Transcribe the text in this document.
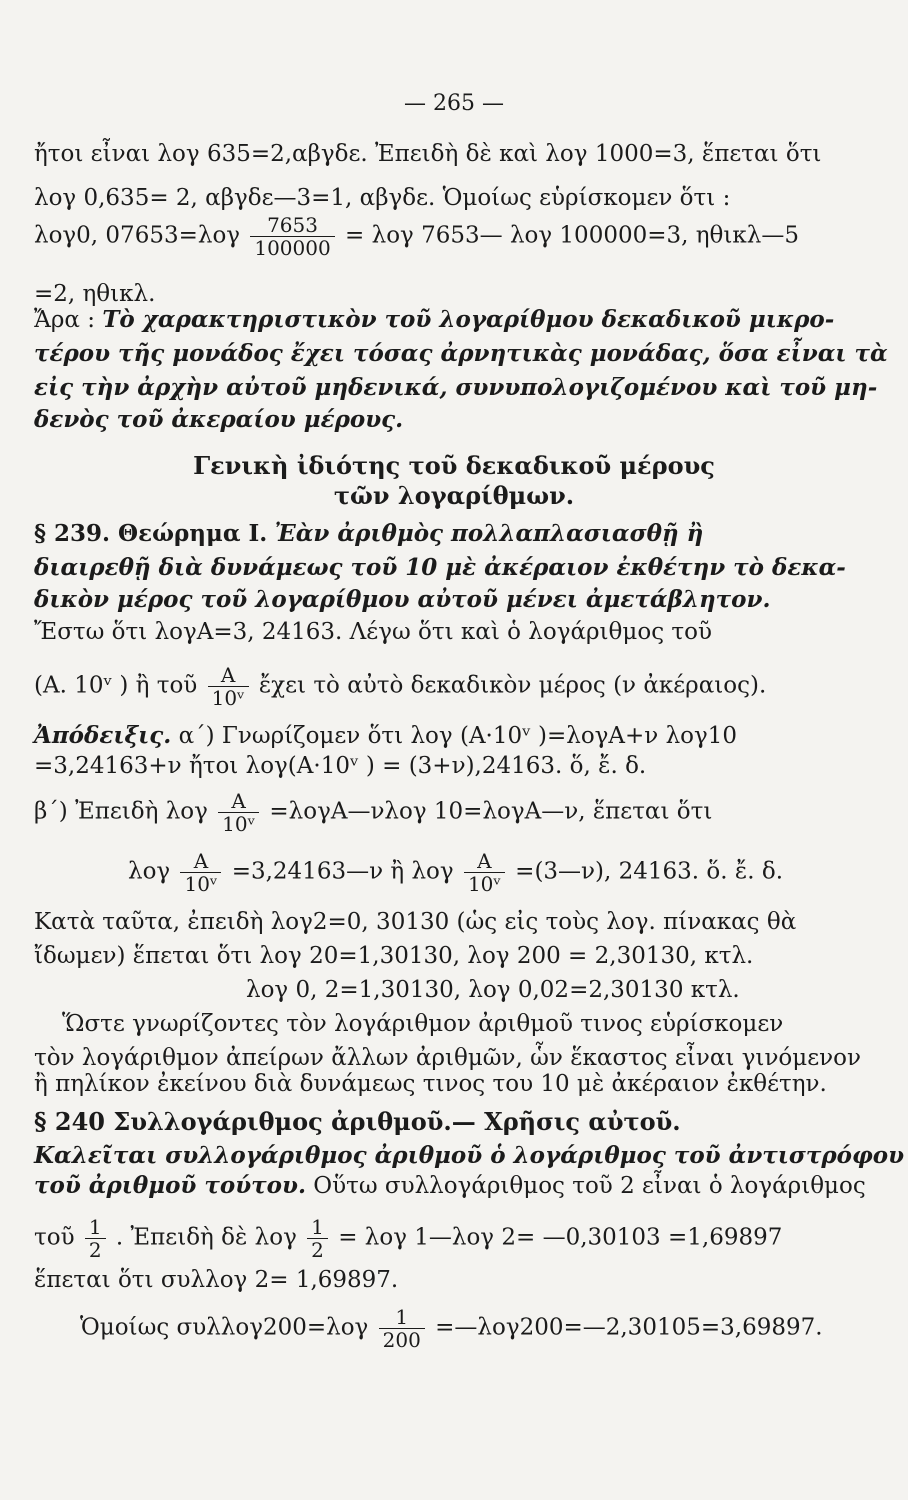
— 265 —
ἤτοι εἶναι λογ 635=2,αβγδε. Ἐπειδὴ δὲ καὶ λογ 1000=3, ἕπεται ὅτι
λογ 0,635= 2, αβγδε—3=1, αβγδε. Ὁμοίως εὑρίσκομεν ὅτι :
λογ0, $07653=\lambda o\gamma \frac{7653}{100000} = \lambda o\gamma$ 7653— λογ 100000=3, ηθικλ—5
=2, ηθικλ.
Ἄρα : Τὸ χαρακτηριστικὸν τοῦ λογαρίθμου δεκαδικοῦ μικρο-
τέρου τῆς μονάδος ἔχει τόσας ἀρνητικὰς μονάδας, ὅσα εἶναι τὰ
εἰς τὴν ἀρχὴν αὐτοῦ μηδενικά, συνυπολογιζομένου καὶ τοῦ μη-
δενὸς τοῦ ἀκεραίου μέρους.
Γενικὴ ἰδιότης τοῦ δεκαδικοῦ μέρους
τῶν λογαρίθμων.
§ 239. Θεώρημα I. Ἐὰν ἀριθμὸς πολλαπλασιασθῇ ἢ
διαιρεθῇ διὰ δυνάμεως τοῦ 10 μὲ ἀκέραιον ἐκθέτην τὸ δεκα-
δικὸν μέρος τοῦ λογαρίθμου αὐτοῦ μένει ἀμετάβλητον.
Ἔστω ὅτι λογΑ=3, 24163. Λέγω ὅτι καὶ ὁ λογάριθμος τοῦ
(Α. 10ᵛ ) ἢ τοῦ $\frac{A}{\text{10ᵛ}}$ ἔχει τὸ αὐτὸ δεκαδικὸν μέρος (ν ἀκέραιος).
Ἀπόδειξις. α΄) Γνωρίζομεν ὅτι λογ (Α·10ᵛ )=λογΑ+ν λογ10
=3,24163+ν ἤτοι λογ(Α·10ᵛ ) = (3+ν),24163. ὅ, ἔ. δ.
β΄) Ἐπειδὴ λογ $\frac{A}{\text{10ᵛ}}$ =λογΑ—νλογ 10=λογΑ—ν, ἕπεται ὅτι
λογ $\frac{A}{\text{10ᵛ}}$ =3,24163—ν ἢ λογ $\frac{A}{\text{10ᵛ}}$ =(3—ν), 24163. ὅ. ἔ. δ.
Κατὰ ταῦτα, ἐπειδὴ λογ2=0, 30130 (ὡς εἰς τοὺς λογ. πίνακας θὰ
ἴδωμεν) ἕπεται ὅτι λογ 20=1,30130, λογ 200 = 2,30130, κτλ.
λογ 0, 2=1,30130, λογ 0,02=2,30130 κτλ.
Ὥστε γνωρίζοντες τὸν λογάριθμον ἀριθμοῦ τινος εὑρίσκομεν
τὸν λογάριθμον ἀπείρων ἄλλων ἀριθμῶν, ὧν ἕκαστος εἶναι γινόμενον
ἢ πηλίκον ἐκείνου διὰ δυνάμεως τινος του 10 μὲ ἀκέραιον ἐκθέτην.
§ 240 Συλλογάριθμος ἀριθμοῦ.— Χρῆσις αὐτοῦ.
Καλεῖται συλλογάριθμος ἀριθμοῦ ὁ λογάριθμος τοῦ ἀντιστρόφου
τοῦ ἀριθμοῦ τούτου. Οὕτω συλλογάριθμος τοῦ 2 εἶναι ὁ λογάριθμος
τοῦ $\frac{1}{2}$ . Ἐπειδὴ δὲ λογ $\frac{1}{2} = \lambda o\gamma$ 1—λογ 2= —0,30103 =1,69897
ἕπεται ὅτι συλλογ 2= 1,69897.
Ὁμοίως $\sigma\upsilon\lambda\lambda o\gamma 200=\lambda o\gamma \frac{1}{200}$ =—λογ200=—2,30105=3,69897.
